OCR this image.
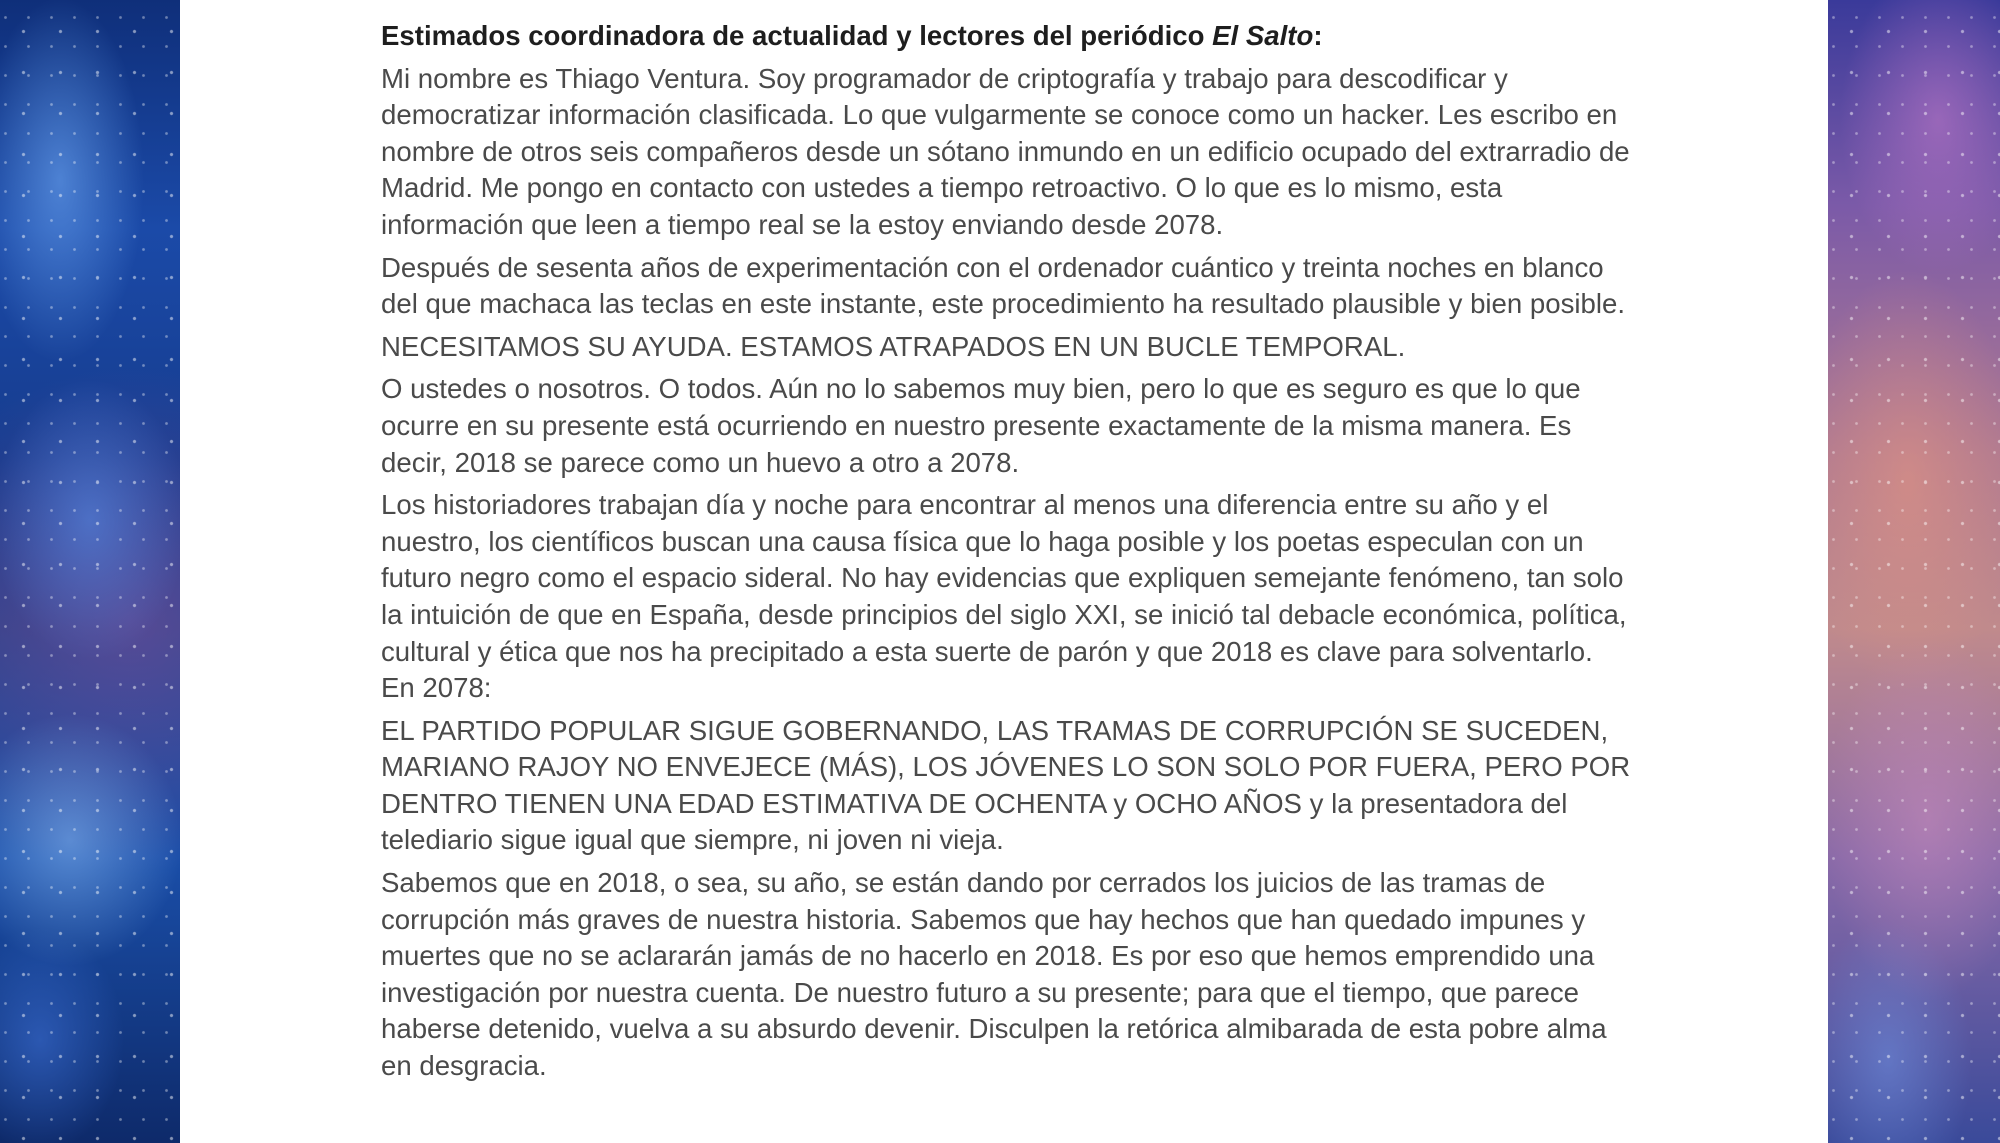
Estimados coordinadora de actualidad y lectores del periódico El Salto:

Mi nombre es Thiago Ventura. Soy programador de criptografía y trabajo para descodificar y democratizar información clasificada. Lo que vulgarmente se conoce como un hacker. Les escribo en nombre de otros seis compañeros desde un sótano inmundo en un edificio ocupado del extrarradio de Madrid. Me pongo en contacto con ustedes a tiempo retroactivo. O lo que es lo mismo, esta información que leen a tiempo real se la estoy enviando desde 2078.

Después de sesenta años de experimentación con el ordenador cuántico y treinta noches en blanco del que machaca las teclas en este instante, este procedimiento ha resultado plausible y bien posible.

NECESITAMOS SU AYUDA. ESTAMOS ATRAPADOS EN UN BUCLE TEMPORAL.

O ustedes o nosotros. O todos. Aún no lo sabemos muy bien, pero lo que es seguro es que lo que ocurre en su presente está ocurriendo en nuestro presente exactamente de la misma manera. Es decir, 2018 se parece como un huevo a otro a 2078.

Los historiadores trabajan día y noche para encontrar al menos una diferencia entre su año y el nuestro, los científicos buscan una causa física que lo haga posible y los poetas especulan con un futuro negro como el espacio sideral. No hay evidencias que expliquen semejante fenómeno, tan solo la intuición de que en España, desde principios del siglo XXI, se inició tal debacle económica, política, cultural y ética que nos ha precipitado a esta suerte de parón y que 2018 es clave para solventarlo. En 2078:

EL PARTIDO POPULAR SIGUE GOBERNANDO, LAS TRAMAS DE CORRUPCIÓN SE SUCEDEN, MARIANO RAJOY NO ENVEJECE (MÁS), LOS JÓVENES LO SON SOLO POR FUERA, PERO POR DENTRO TIENEN UNA EDAD ESTIMATIVA DE OCHENTA y OCHO AÑOS y la presentadora del telediario sigue igual que siempre, ni joven ni vieja.

Sabemos que en 2018, o sea, su año, se están dando por cerrados los juicios de las tramas de corrupción más graves de nuestra historia. Sabemos que hay hechos que han quedado impunes y muertes que no se aclararán jamás de no hacerlo en 2018. Es por eso que hemos emprendido una investigación por nuestra cuenta. De nuestro futuro a su presente; para que el tiempo, que parece haberse detenido, vuelva a su absurdo devenir. Disculpen la retórica almibarada de esta pobre alma en desgracia.
